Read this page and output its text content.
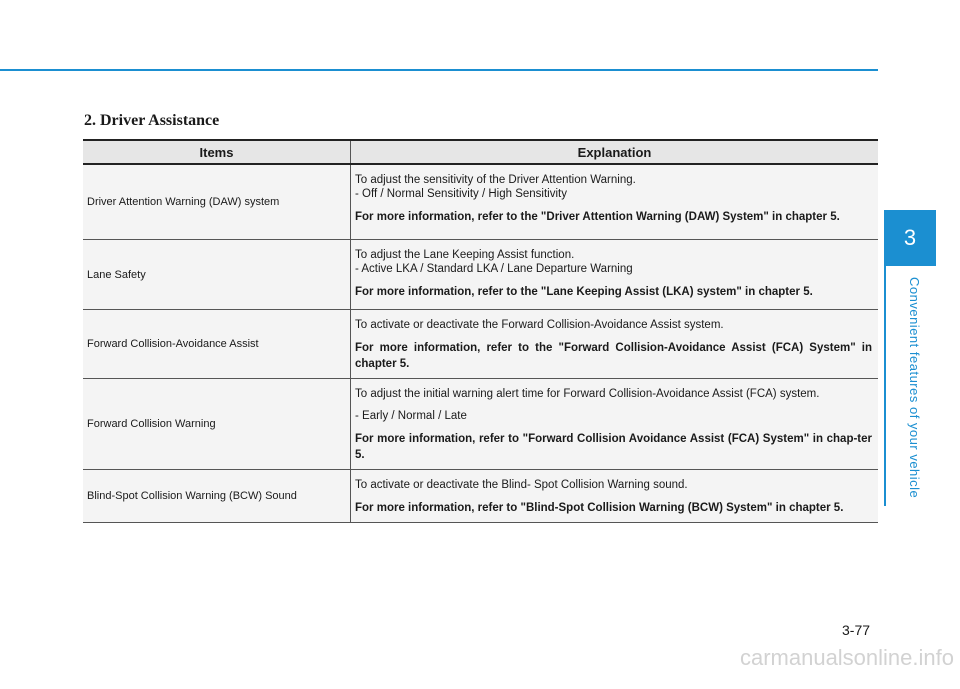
2. Driver Assistance
Items	Explanation
Driver Attention Warning (DAW) system	To adjust the sensitivity of the Driver Attention Warning.
- Off / Normal Sensitivity / High Sensitivity
For more information, refer to the "Driver Attention Warning (DAW) System" in chapter 5.

Lane Safety	To adjust the Lane Keeping Assist function.
- Active LKA / Standard LKA / Lane Departure Warning
For more information, refer to the "Lane Keeping Assist (LKA) system" in chapter 5.

Forward Collision-Avoidance Assist	To activate or deactivate the Forward Collision-Avoidance Assist system.
For more information, refer to the "Forward Collision-Avoidance Assist (FCA) System" in chapter 5.

Forward Collision Warning	To adjust the initial warning alert time for Forward Collision-Avoidance Assist (FCA) system.
- Early / Normal / Late
For more information, refer to "Forward Collision Avoidance Assist (FCA) System" in chap-ter 5.

Blind-Spot Collision Warning (BCW) Sound	To activate or deactivate the Blind- Spot Collision Warning sound.
For more information, refer to "Blind-Spot Collision Warning (BCW) System" in chapter 5.
3
Convenient features of your vehicle
3-77
carmanualsonline.info
